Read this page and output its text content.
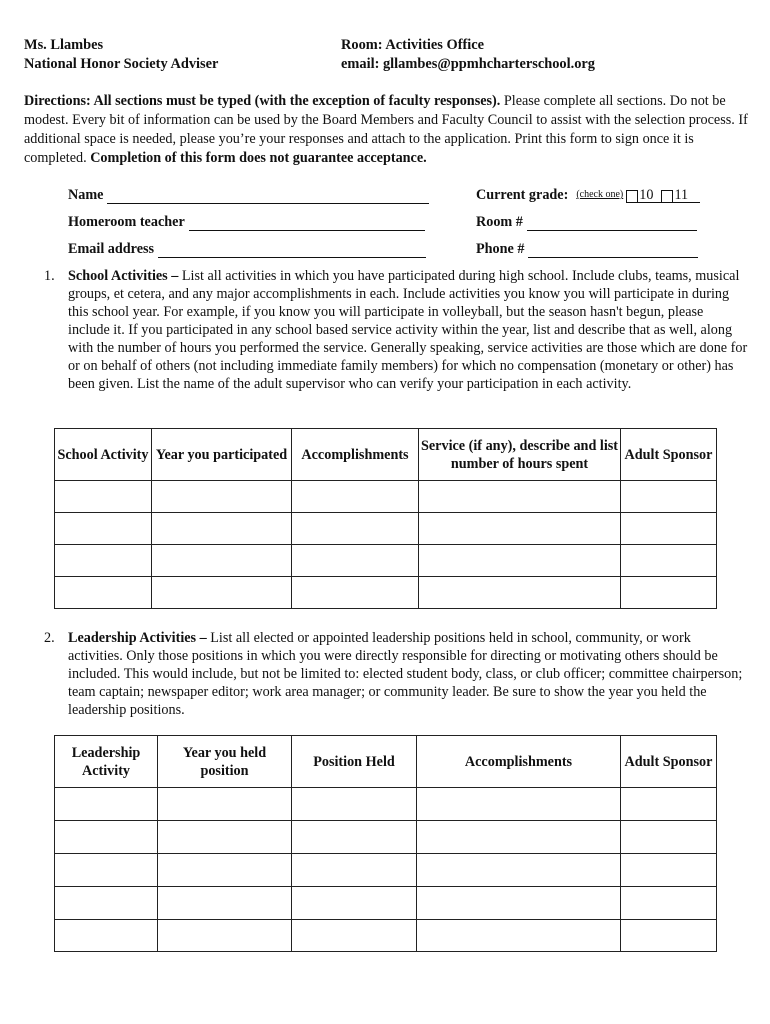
Ms. Llambes
National Honor Society Adviser
Room: Activities Office
email: gllambes@ppmhcharterschool.org
Directions: All sections must be typed (with the exception of faculty responses). Please complete all sections. Do not be modest. Every bit of information can be used by the Board Members and Faculty Council to assist with the selection process. If additional space is needed, please you’re your responses and attach to the application. Print this form to sign once it is completed. Completion of this form does not guarantee acceptance.
Name	Current grade: (check one) 10 11
Homeroom teacher	Room #
Email address	Phone #
1. School Activities – List all activities in which you have participated during high school. Include clubs, teams, musical groups, et cetera, and any major accomplishments in each. Include activities you know you will participate in during this school year. For example, if you know you will participate in volleyball, but the season hasn't begun, please include it. If you participated in any school based service activity within the year, list and describe that as well, along with the number of hours you performed the service. Generally speaking, service activities are those which are done for or on behalf of others (not including immediate family members) for which no compensation (monetary or other) has been given. List the name of the adult supervisor who can verify your participation in each activity.
School Activity	Year you participated	Accomplishments	Service (if any), describe and list number of hours spent	Adult Sponsor

2. Leadership Activities – List all elected or appointed leadership positions held in school, community, or work activities. Only those positions in which you were directly responsible for directing or motivating others should be included. This would include, but not be limited to: elected student body, class, or club officer; committee chairperson; team captain; newspaper editor; work area manager; or community leader. Be sure to show the year you held the leadership positions.
Leadership Activity	Year you held position	Position Held	Accomplishments	Adult Sponsor
